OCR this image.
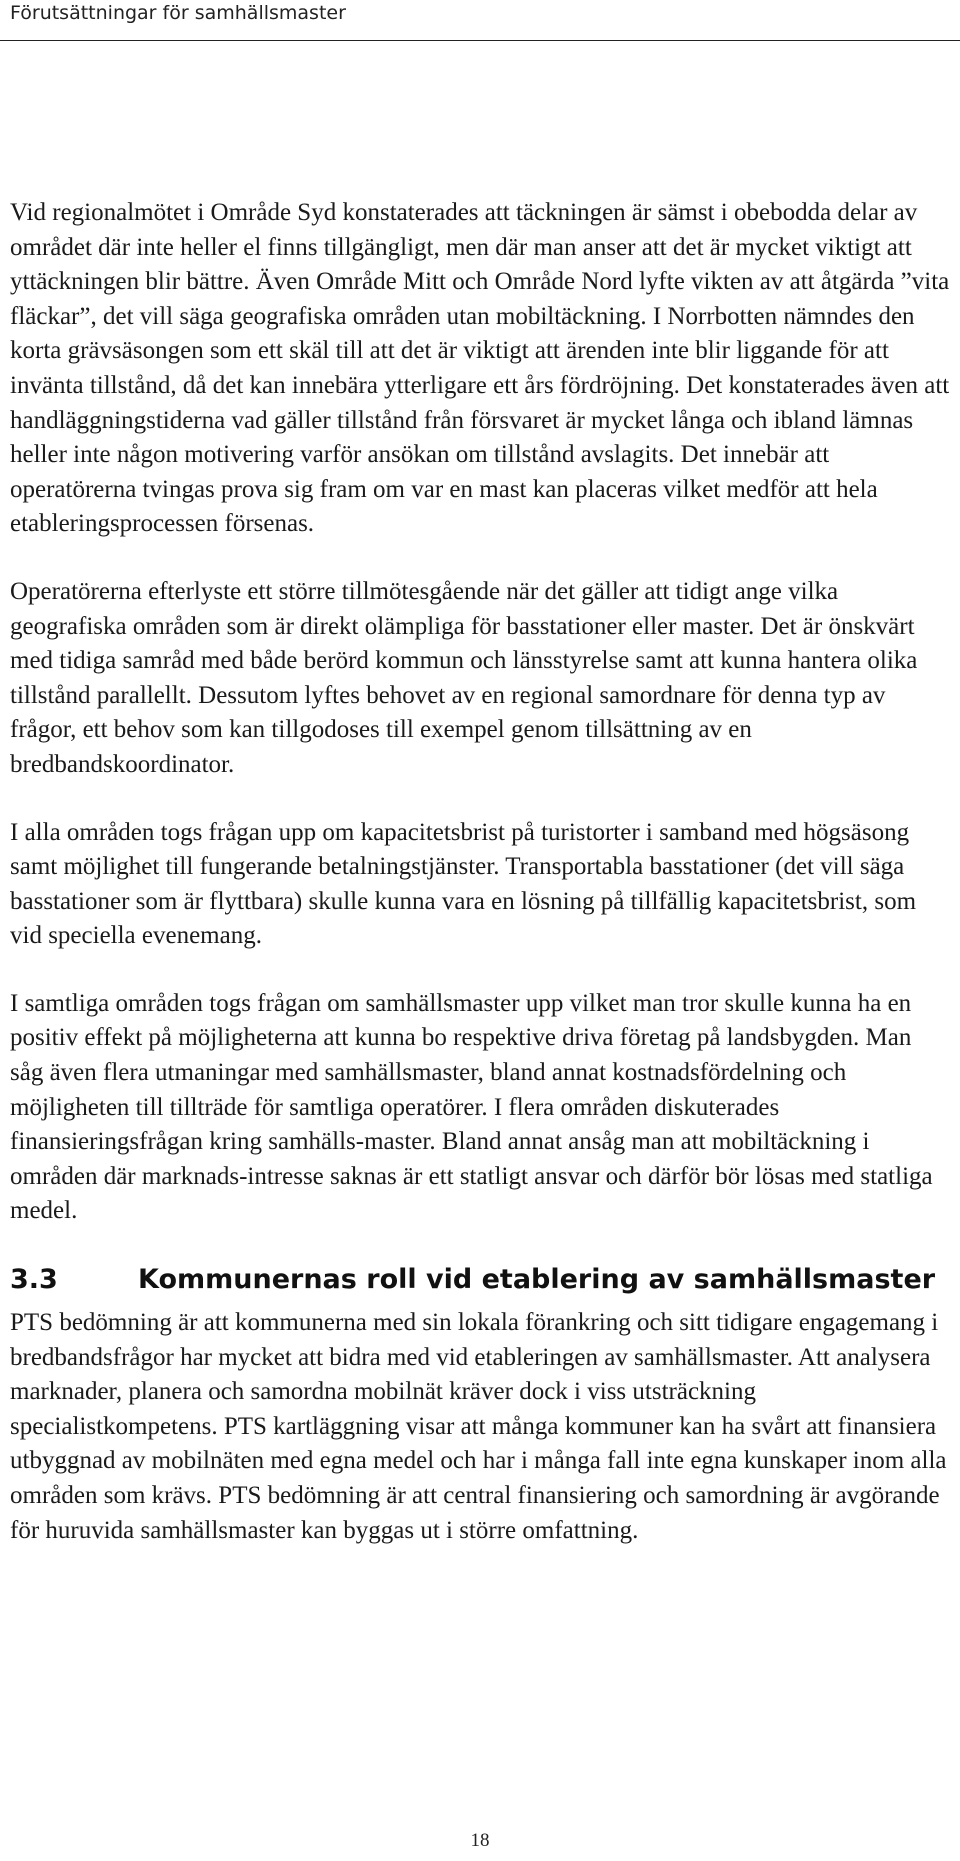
Förutsättningar för samhällsmaster

Vid regionalmötet i Område Syd konstaterades att täckningen är sämst i obebodda delar av området där inte heller el finns tillgängligt, men där man anser att det är mycket viktigt att yttäckningen blir bättre. Även Område Mitt och Område Nord lyfte vikten av att åtgärda ”vita fläckar”, det vill säga geografiska områden utan mobiltäckning. I Norrbotten nämndes den korta grävsäsongen som ett skäl till att det är viktigt att ärenden inte blir liggande för att invänta tillstånd, då det kan innebära ytterligare ett års fördröjning. Det konstaterades även att handläggningstiderna vad gäller tillstånd från försvaret är mycket långa och ibland lämnas heller inte någon motivering varför ansökan om tillstånd avslagits. Det innebär att operatörerna tvingas prova sig fram om var en mast kan placeras vilket medför att hela etableringsprocessen försenas.

Operatörerna efterlyste ett större tillmötesgående när det gäller att tidigt ange vilka geografiska områden som är direkt olämpliga för basstationer eller master. Det är önskvärt med tidiga samråd med både berörd kommun och länsstyrelse samt att kunna hantera olika tillstånd parallellt. Dessutom lyftes behovet av en regional samordnare för denna typ av frågor, ett behov som kan tillgodoses till exempel genom tillsättning av en bredbandskoordinator.

I alla områden togs frågan upp om kapacitetsbrist på turistorter i samband med högsäsong samt möjlighet till fungerande betalningstjänster. Transportabla basstationer (det vill säga basstationer som är flyttbara) skulle kunna vara en lösning på tillfällig kapacitetsbrist, som vid speciella evenemang.

I samtliga områden togs frågan om samhällsmaster upp vilket man tror skulle kunna ha en positiv effekt på möjligheterna att kunna bo respektive driva företag på landsbygden. Man såg även flera utmaningar med samhällsmaster, bland annat kostnadsfördelning och möjligheten till tillträde för samtliga operatörer. I flera områden diskuterades finansieringsfrågan kring samhälls-master. Bland annat ansåg man att mobiltäckning i områden där marknads-intresse saknas är ett statligt ansvar och därför bör lösas med statliga medel.

3.3	Kommunernas roll vid etablering av samhällsmaster

PTS bedömning är att kommunerna med sin lokala förankring och sitt tidigare engagemang i bredbandsfrågor har mycket att bidra med vid etableringen av samhällsmaster. Att analysera marknader, planera och samordna mobilnät kräver dock i viss utsträckning specialistkompetens. PTS kartläggning visar att många kommuner kan ha svårt att finansiera utbyggnad av mobilnäten med egna medel och har i många fall inte egna kunskaper inom alla områden som krävs. PTS bedömning är att central finansiering och samordning är avgörande för huruvida samhällsmaster kan byggas ut i större omfattning.

18
